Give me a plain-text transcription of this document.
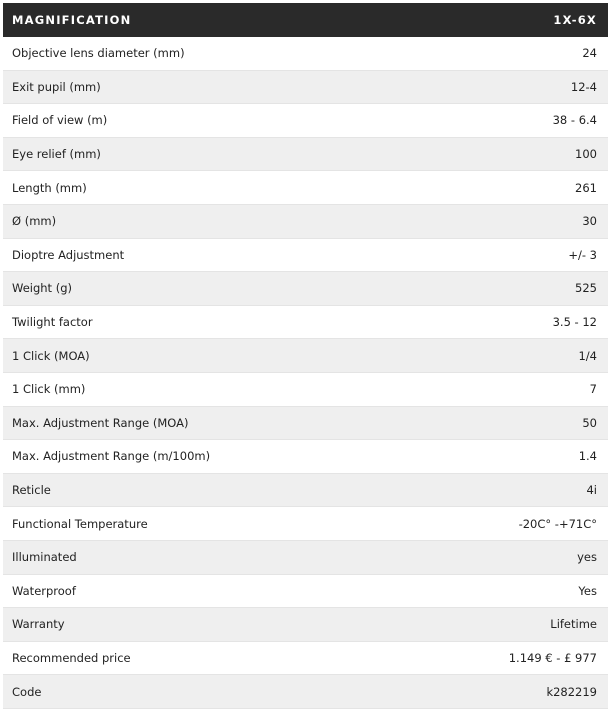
MAGNIFICATION	1X-6X
Objective lens diameter (mm)	24
Exit pupil (mm)	12-4
Field of view (m)	38 - 6.4
Eye relief (mm)	100
Length (mm)	261
Ø (mm)	30
Dioptre Adjustment	+/- 3
Weight (g)	525
Twilight factor	3.5 - 12
1 Click (MOA)	1/4
1 Click (mm)	7
Max. Adjustment Range (MOA)	50
Max. Adjustment Range (m/100m)	1.4
Reticle	4i
Functional Temperature	-20C° -+71C°
Illuminated	yes
Waterproof	Yes
Warranty	Lifetime
Recommended price	1.149 € - £ 977
Code	k282219
